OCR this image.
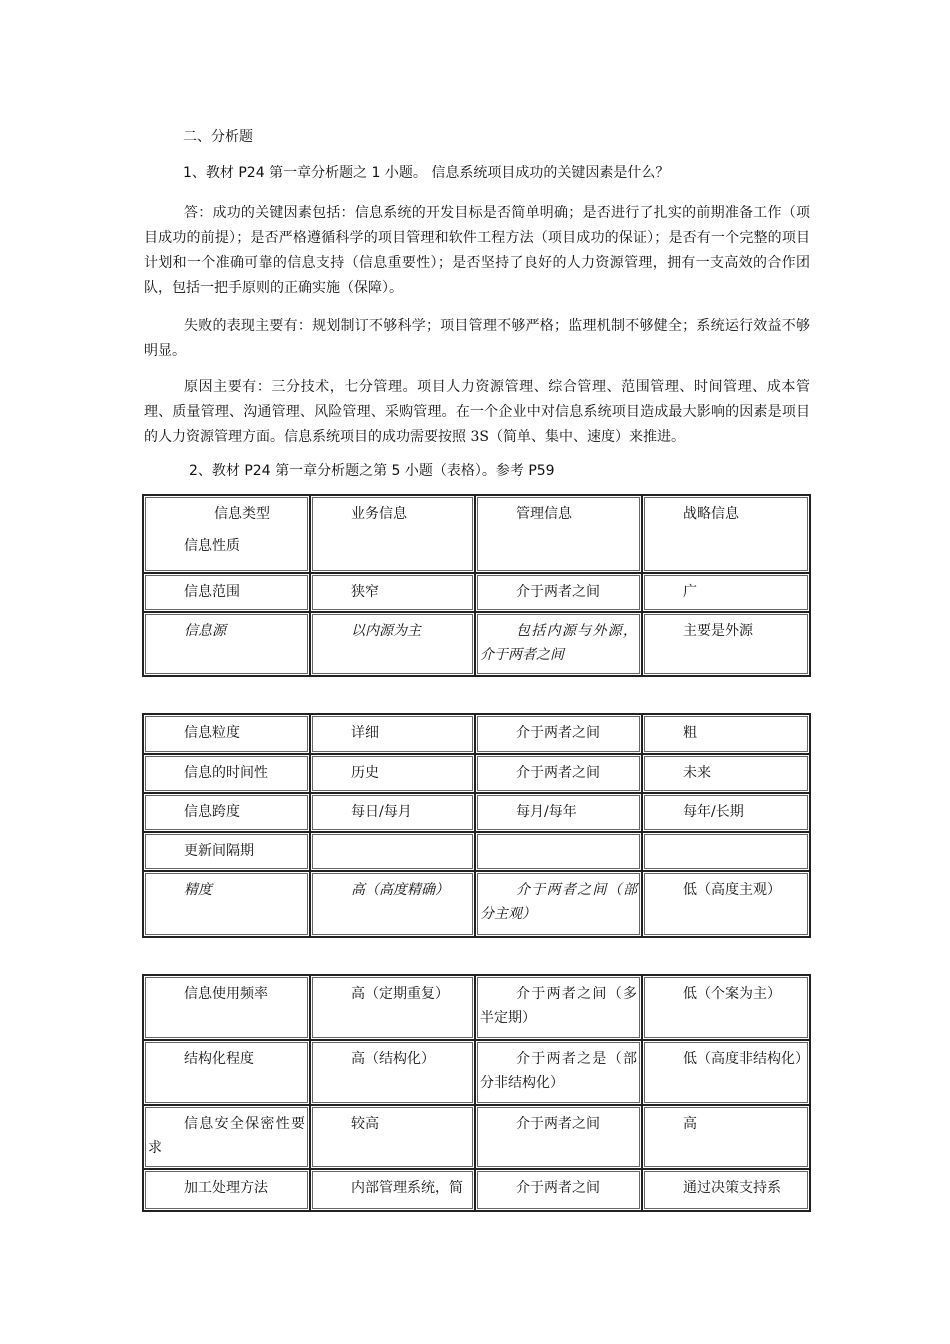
二、分析题
1、教材 P24 第一章分析题之 1 小题。 信息系统项目成功的关键因素是什么？
答：成功的关键因素包括：信息系统的开发目标是否简单明确；是否进行了扎实的前期准备工作（项目成功的前提）；是否严格遵循科学的项目管理和软件工程方法（项目成功的保证）；是否有一个完整的项目计划和一个准确可靠的信息支持（信息重要性）；是否坚持了良好的人力资源管理，拥有一支高效的合作团队，包括一把手原则的正确实施（保障）。
失败的表现主要有：规划制订不够科学；项目管理不够严格；监理机制不够健全；系统运行效益不够明显。
原因主要有：三分技术，七分管理。项目人力资源管理、综合管理、范围管理、时间管理、成本管理、质量管理、沟通管理、风险管理、采购管理。在一个企业中对信息系统项目造成最大影响的因素是项目的人力资源管理方面。信息系统项目的成功需要按照 3S（简单、集中、速度）来推进。
2、教材 P24 第一章分析题之第 5 小题（表格）。参考 P59
信息类型
信息性质	业务信息	管理信息	战略信息
信息范围	狭窄	介于两者之间	广
信息源	以内源为主	包括内源与外源，介于两者之间	主要是外源
信息粒度	详细	介于两者之间	粗
信息的时间性	历史	介于两者之间	未来
信息跨度	每日/每月	每月/每年	每年/长期
更新间隔期			
精度	高（高度精确）	介于两者之间（部分主观）	低（高度主观）
信息使用频率	高（定期重复）	介于两者之间（多半定期）	低（个案为主）
结构化程度	高（结构化）	介于两者之是（部分非结构化）	低（高度非结构化）
信息安全保密性要求	较高	介于两者之间	高
加工处理方法	内部管理系统，简	介于两者之间	通过决策支持系
